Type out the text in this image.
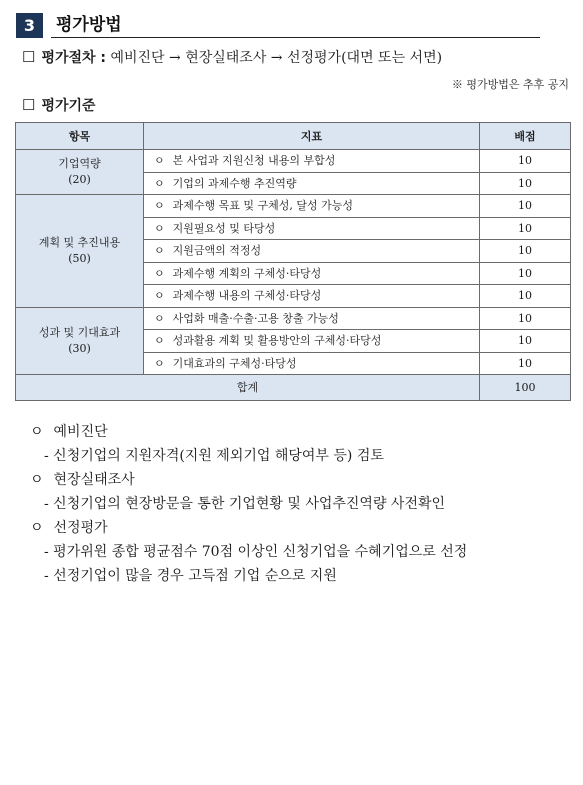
3	평가방법
☐ 평가절차 : 예비진단 → 현장실태조사 → 선정평가(대면 또는 서면)
※ 평가방법은 추후 공지
☐ 평가기준
항목	지표	배점

기업역량
(20)	ㅇ 본 사업과 지원신청 내용의 부합성	10
	ㅇ 기업의 과제수행 추진역량	10

계획 및 추진내용
(50)	ㅇ 과제수행 목표 및 구체성, 달성 가능성	10
	ㅇ 지원필요성 및 타당성	10
	ㅇ 지원금액의 적정성	10
	ㅇ 과제수행 계획의 구체성·타당성	10
	ㅇ 과제수행 내용의 구체성·타당성	10

성과 및 기대효과
(30)	ㅇ 사업화 매출·수출·고용 창출 가능성	10
	ㅇ 성과활용 계획 및 활용방안의 구체성·타당성	10
	ㅇ 기대효과의 구체성·타당성	10
합계		100
ㅇ 예비진단
- 신청기업의 지원자격(지원 제외기업 해당여부 등) 검토
ㅇ 현장실태조사
- 신청기업의 현장방문을 통한 기업현황 및 사업추진역량 사전확인
ㅇ 선정평가
- 평가위원 종합 평균점수 70점 이상인 신청기업을 수혜기업으로 선정
- 선정기업이 많을 경우 고득점 기업 순으로 지원
